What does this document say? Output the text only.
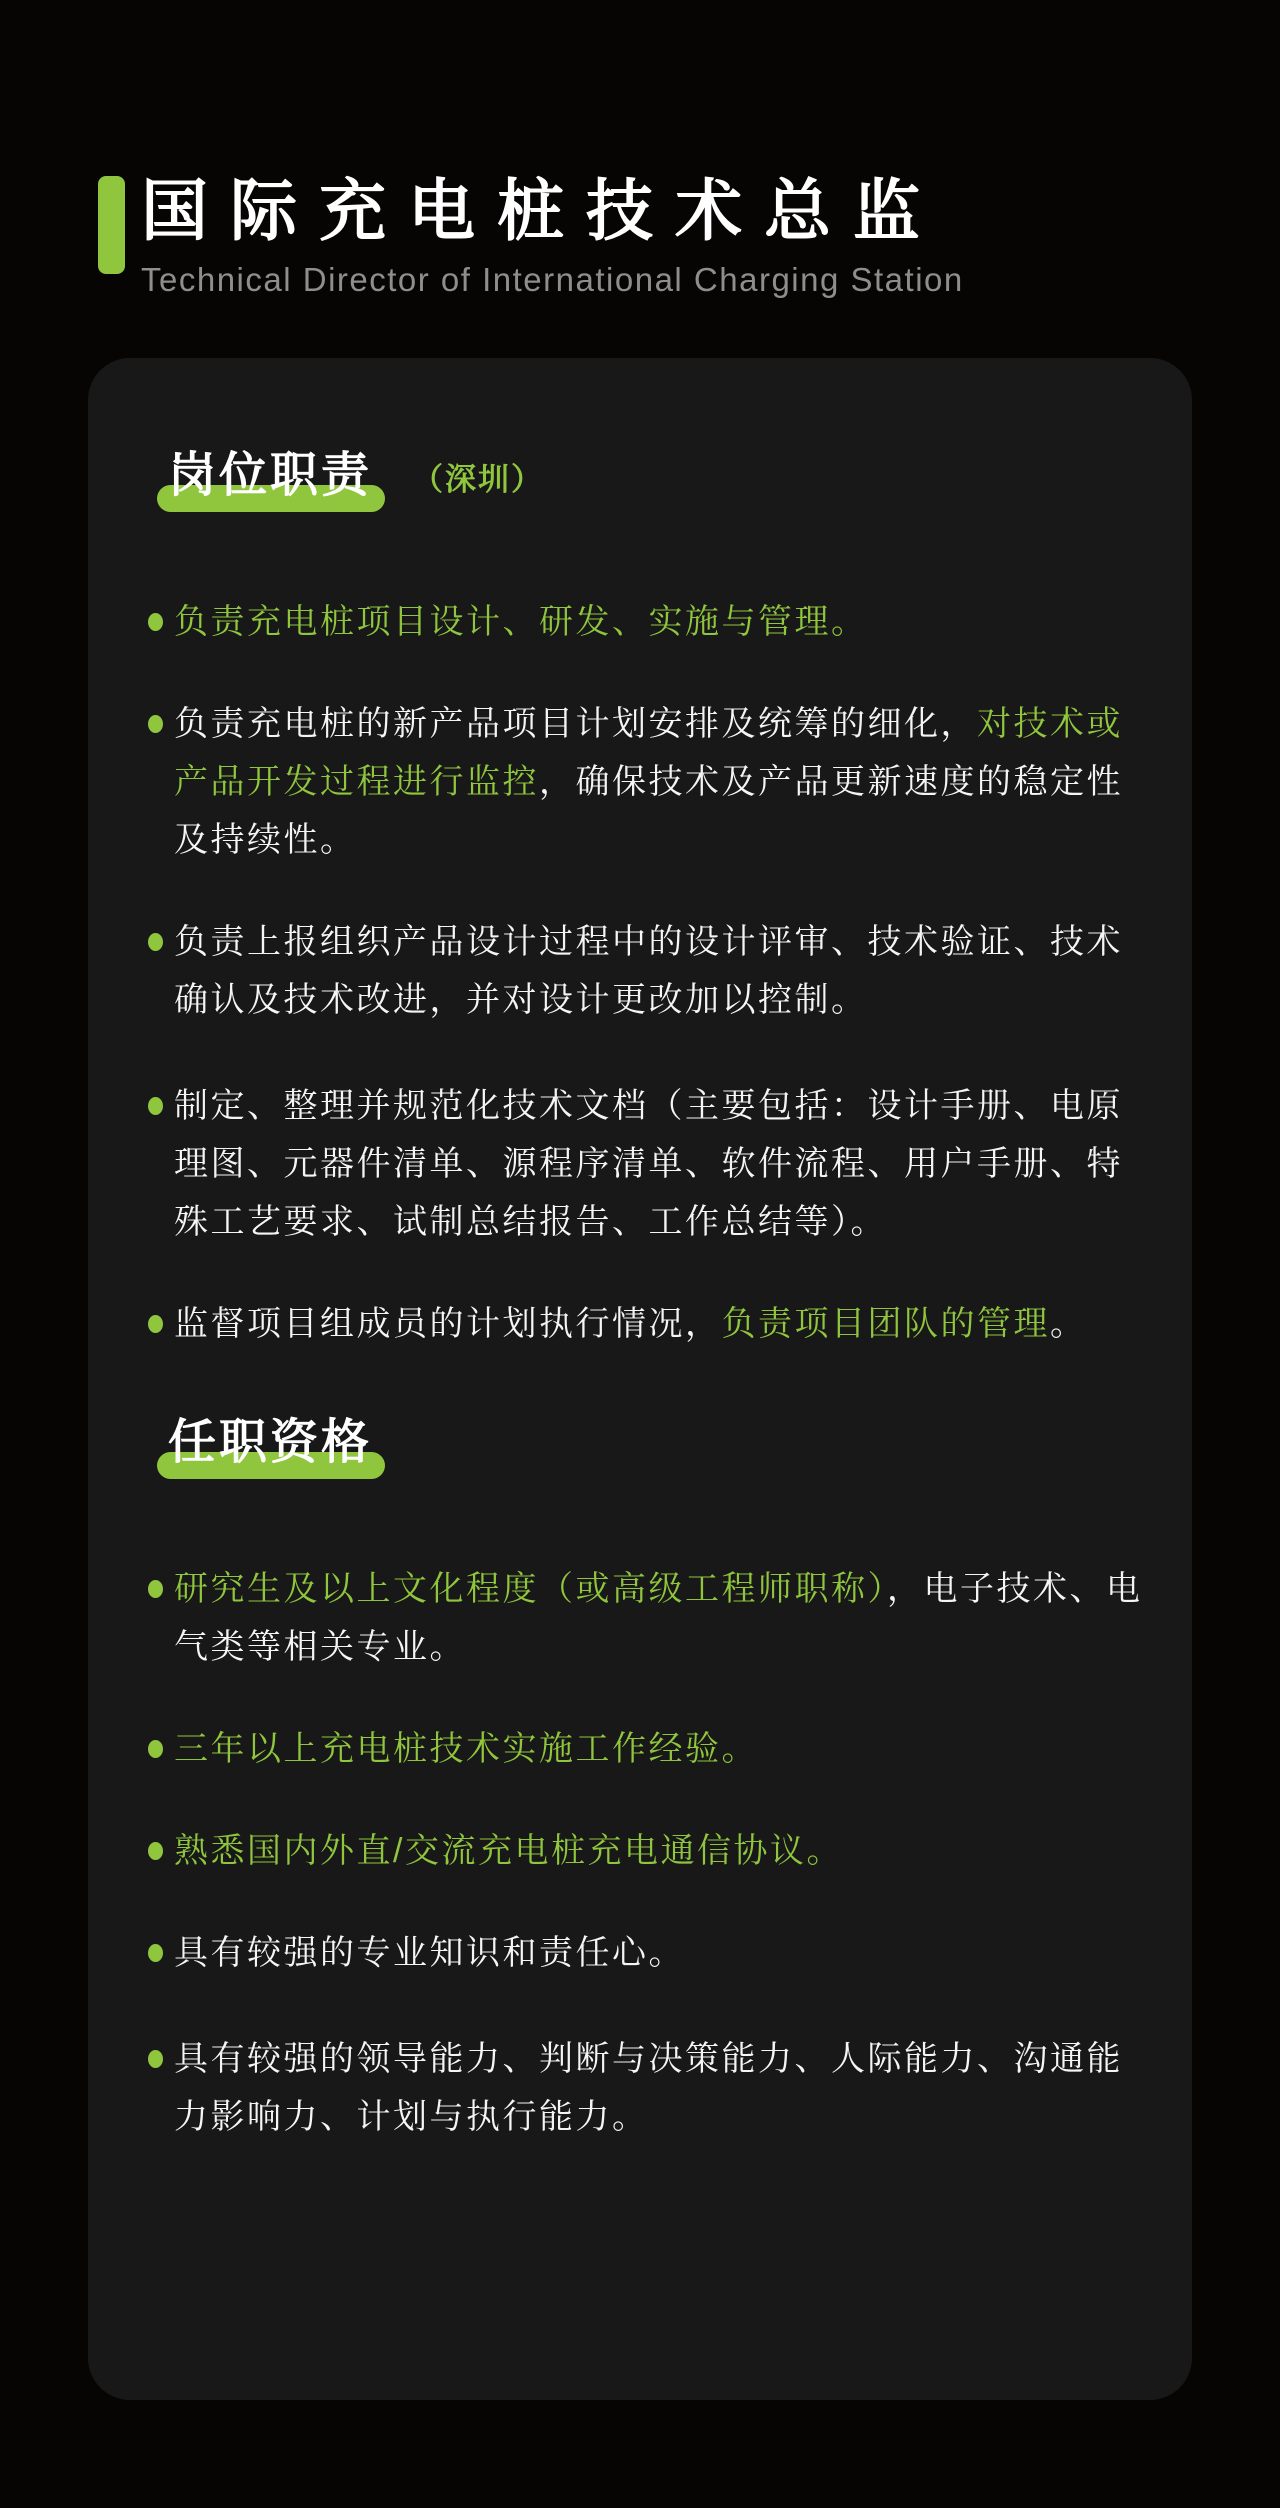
国际充电桩技术总监
Technical Director of International Charging Station
岗位职责 （深圳）

负责充电桩项目设计、研发、实施与管理。

负责充电桩的新产品项目计划安排及统筹的细化，对技术或产品开发过程进行监控，确保技术及产品更新速度的稳定性及持续性。

负责上报组织产品设计过程中的设计评审、技术验证、技术确认及技术改进，并对设计更改加以控制。

制定、整理并规范化技术文档（主要包括：设计手册、电原理图、元器件清单、源程序清单、软件流程、用户手册、特殊工艺要求、试制总结报告、工作总结等）。

监督项目组成员的计划执行情况，负责项目团队的管理。

任职资格

研究生及以上文化程度（或高级工程师职称），电子技术、电气类等相关专业。

三年以上充电桩技术实施工作经验。

熟悉国内外直/交流充电桩充电通信协议。

具有较强的专业知识和责任心。

具有较强的领导能力、判断与决策能力、人际能力、沟通能力影响力、计划与执行能力。
